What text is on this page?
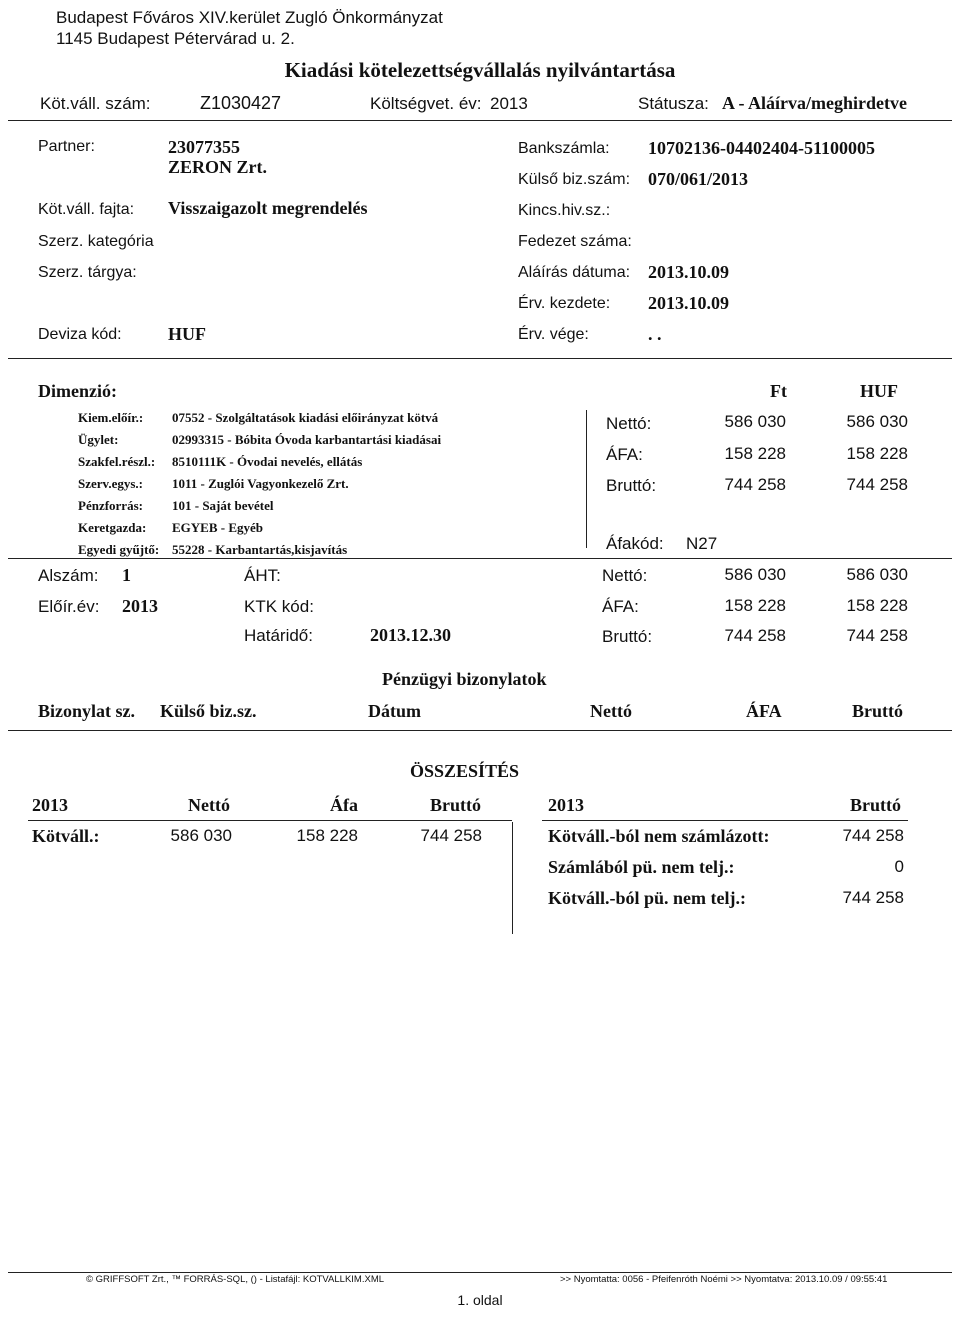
Budapest Főváros XIV.kerület Zugló Önkormányzat
1145 Budapest Pétervárad u. 2.
Kiadási kötelezettségvállalás nyilvántartása
Köt.váll. szám:	Z1030427	Költségvet. év: 2013	Státusza: A - Aláírva/meghirdetve
Partner:	23077355
ZERON Zrt.
Köt.váll. fajta: Visszaigazolt megrendelés
Szerz. kategória
Szerz. tárgya:
Deviza kód:	HUF
Bankszámla: 10702136-04402404-51100005
Külső biz.szám: 070/061/2013
Kincs.hiv.sz.:
Fedezet száma:
Aláírás dátuma: 2013.10.09
Érv. kezdete: 2013.10.09
Érv. vége:	. .
Dimenzió:	Ft	HUF
Kiem.előír.: 07552 - Szolgáltatások kiadási előirányzat kötvá
Ügylet:	02993315 - Bóbita Óvoda karbantartási kiadásai
Szakfel.részl.: 8510111K - Óvodai nevelés, ellátás
Szerv.egys.: 1011 - Zuglói Vagyonkezelő Zrt.
Pénzforrás: 101 - Saját bevétel
Keretgazda: EGYEB - Egyéb
Egyedi gyűjtő: 55228 - Karbantartás,kisjavítás
Nettó:	586 030	586 030
ÁFA:	158 228	158 228
Bruttó:	744 258	744 258
Áfakód: N27
Alszám: 1
Előír.év: 2013
ÁHT:
KTK kód:
Határidő:	2013.12.30
Nettó:	586 030	586 030
ÁFA:	158 228	158 228
Bruttó:	744 258	744 258
Pénzügyi bizonylatok
Bizonylat sz. Külső biz.sz.	Dátum	Nettó	ÁFA	Bruttó
ÖSSZESÍTÉS
2013	Nettó	Áfa	Bruttó
Kötváll.:	586 030	158 228	744 258
2013	Bruttó
Kötváll.-ból nem számlázott:	744 258
Számlából pü. nem telj.:	0
Kötváll.-ból pü. nem telj.:	744 258
© GRIFFSOFT Zrt., ™ FORRÁS-SQL, () - Listafájl: KOTVALLKIM.XML	>> Nyomtatta: 0056 - Pfeifenróth Noémi >> Nyomtatva: 2013.10.09 / 09:55:41
1. oldal
